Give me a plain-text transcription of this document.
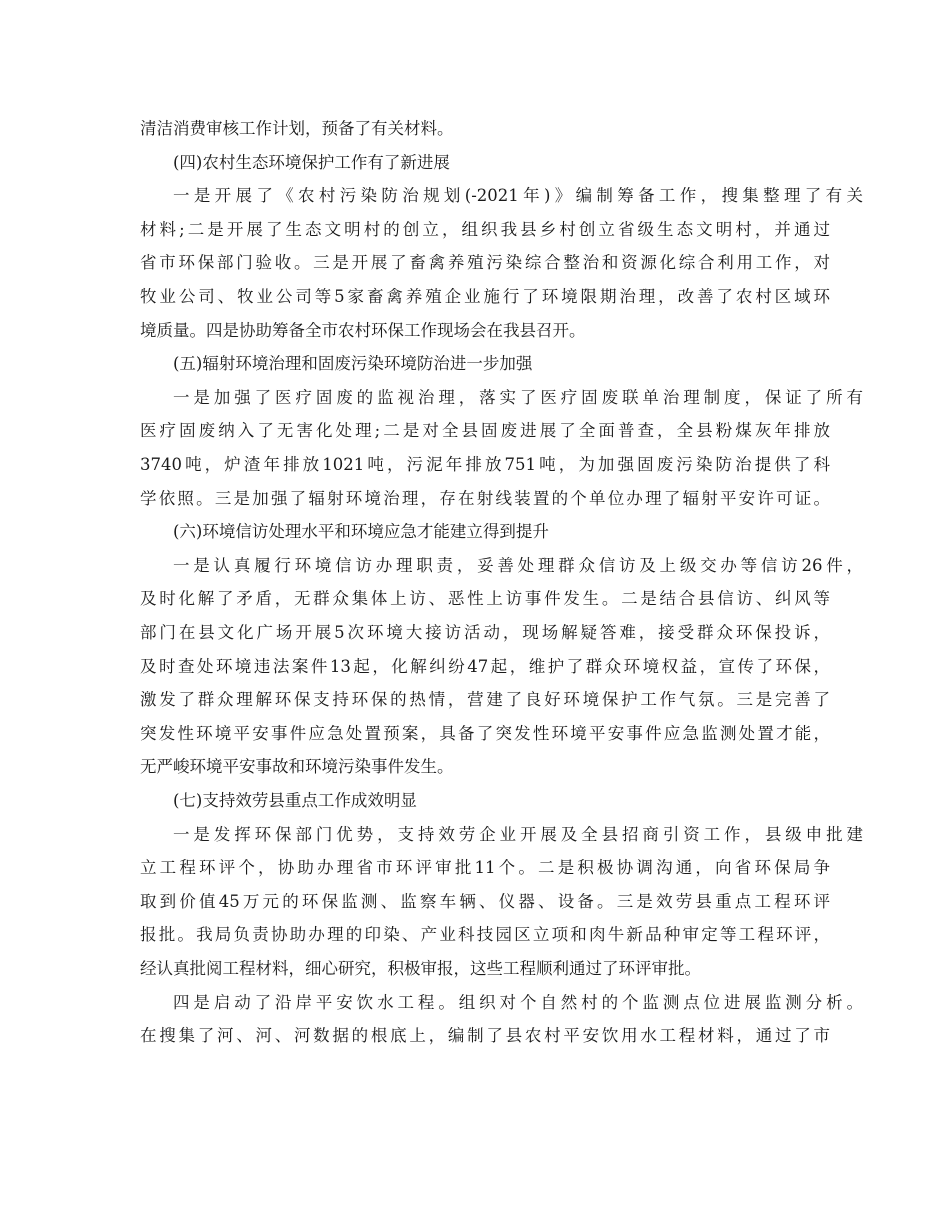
清洁消费审核工作计划，预备了有关材料。
(四)农村生态环境保护工作有了新进展
一是开展了《农村污染防治规划(-2021年)》编制筹备工作，搜集整理了有关
材料;二是开展了生态文明村的创立，组织我县乡村创立省级生态文明村，并通过
省市环保部门验收。三是开展了畜禽养殖污染综合整治和资源化综合利用工作，对
牧业公司、牧业公司等5家畜禽养殖企业施行了环境限期治理，改善了农村区域环
境质量。四是协助筹备全市农村环保工作现场会在我县召开。
(五)辐射环境治理和固废污染环境防治进一步加强
一是加强了医疗固废的监视治理，落实了医疗固废联单治理制度，保证了所有
医疗固废纳入了无害化处理;二是对全县固废进展了全面普查，全县粉煤灰年排放
3740吨，炉渣年排放1021吨，污泥年排放751吨，为加强固废污染防治提供了科
学依照。三是加强了辐射环境治理，存在射线装置的个单位办理了辐射平安许可证。
(六)环境信访处理水平和环境应急才能建立得到提升
一是认真履行环境信访办理职责，妥善处理群众信访及上级交办等信访26件，
及时化解了矛盾，无群众集体上访、恶性上访事件发生。二是结合县信访、纠风等
部门在县文化广场开展5次环境大接访活动，现场解疑答难，接受群众环保投诉，
及时查处环境违法案件13起，化解纠纷47起，维护了群众环境权益，宣传了环保，
激发了群众理解环保支持环保的热情，营建了良好环境保护工作气氛。三是完善了
突发性环境平安事件应急处置预案，具备了突发性环境平安事件应急监测处置才能，
无严峻环境平安事故和环境污染事件发生。
(七)支持效劳县重点工作成效明显
一是发挥环保部门优势，支持效劳企业开展及全县招商引资工作，县级申批建
立工程环评个，协助办理省市环评审批11个。二是积极协调沟通，向省环保局争
取到价值45万元的环保监测、监察车辆、仪器、设备。三是效劳县重点工程环评
报批。我局负责协助办理的印染、产业科技园区立项和肉牛新品种审定等工程环评，
经认真批阅工程材料，细心研究，积极审报，这些工程顺利通过了环评审批。
四是启动了沿岸平安饮水工程。组织对个自然村的个监测点位进展监测分析。
在搜集了河、河、河数据的根底上，编制了县农村平安饮用水工程材料，通过了市
